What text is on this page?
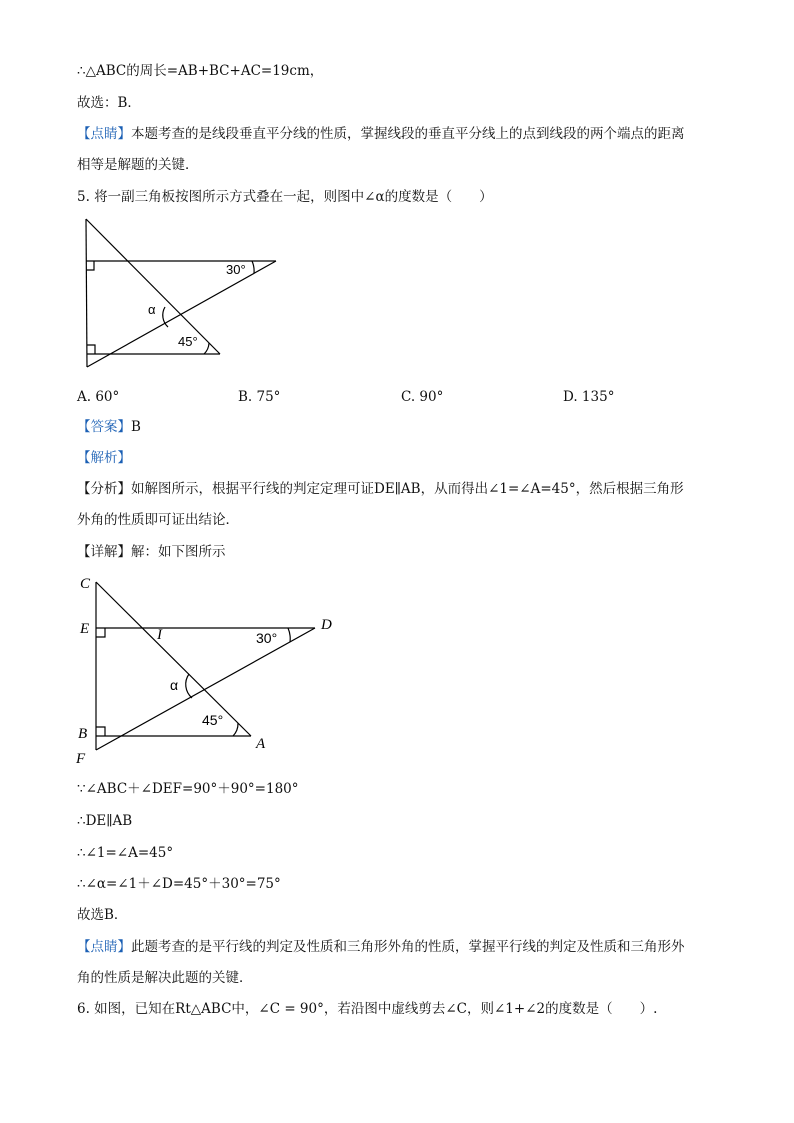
∴△ABC的周长=AB+BC+AC=19cm，
故选：B．
【点睛】本题考查的是线段垂直平分线的性质，掌握线段的垂直平分线上的点到线段的两个端点的距离
相等是解题的关键．
5. 将一副三角板按图所示方式叠在一起，则图中∠α的度数是（　　）
30°
45°
α
A. 60°	B. 75°	C. 90°	D. 135°
【答案】B
【解析】
【分析】如解图所示，根据平行线的判定定理可证DE∥AB，从而得出∠1=∠A=45°，然后根据三角形
外角的性质即可证出结论．
【详解】解：如下图所示
30°
45°
α
C
E	I
D
B
A
F
∵∠ABC＋∠DEF=90°＋90°=180°
∴DE∥AB
∴∠1=∠A=45°
∴∠α=∠1＋∠D=45°＋30°=75°
故选B．
【点睛】此题考查的是平行线的判定及性质和三角形外角的性质，掌握平行线的判定及性质和三角形外
角的性质是解决此题的关键．
6. 如图，已知在Rt△ABC中，∠C = 90°，若沿图中虚线剪去∠C，则∠1+∠2的度数是（　　）.
